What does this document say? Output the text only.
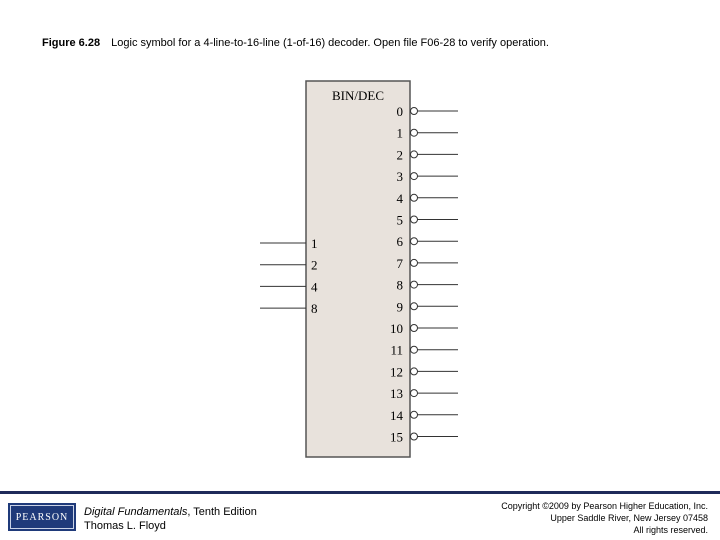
Figure 6.28 Logic symbol for a 4-line-to-16-line (1-of-16) decoder. Open file F06-28 to verify operation.
BIN/DEC
1
2
4
8
0
1
2
3
4
5
6
7
8
9
10
11
12
13
14
15
PEARSON	Digital Fundamentals, Tenth Edition
Thomas L. Floyd
Copyright ©2009 by Pearson Higher Education, Inc.
Upper Saddle River, New Jersey 07458
All rights reserved.
